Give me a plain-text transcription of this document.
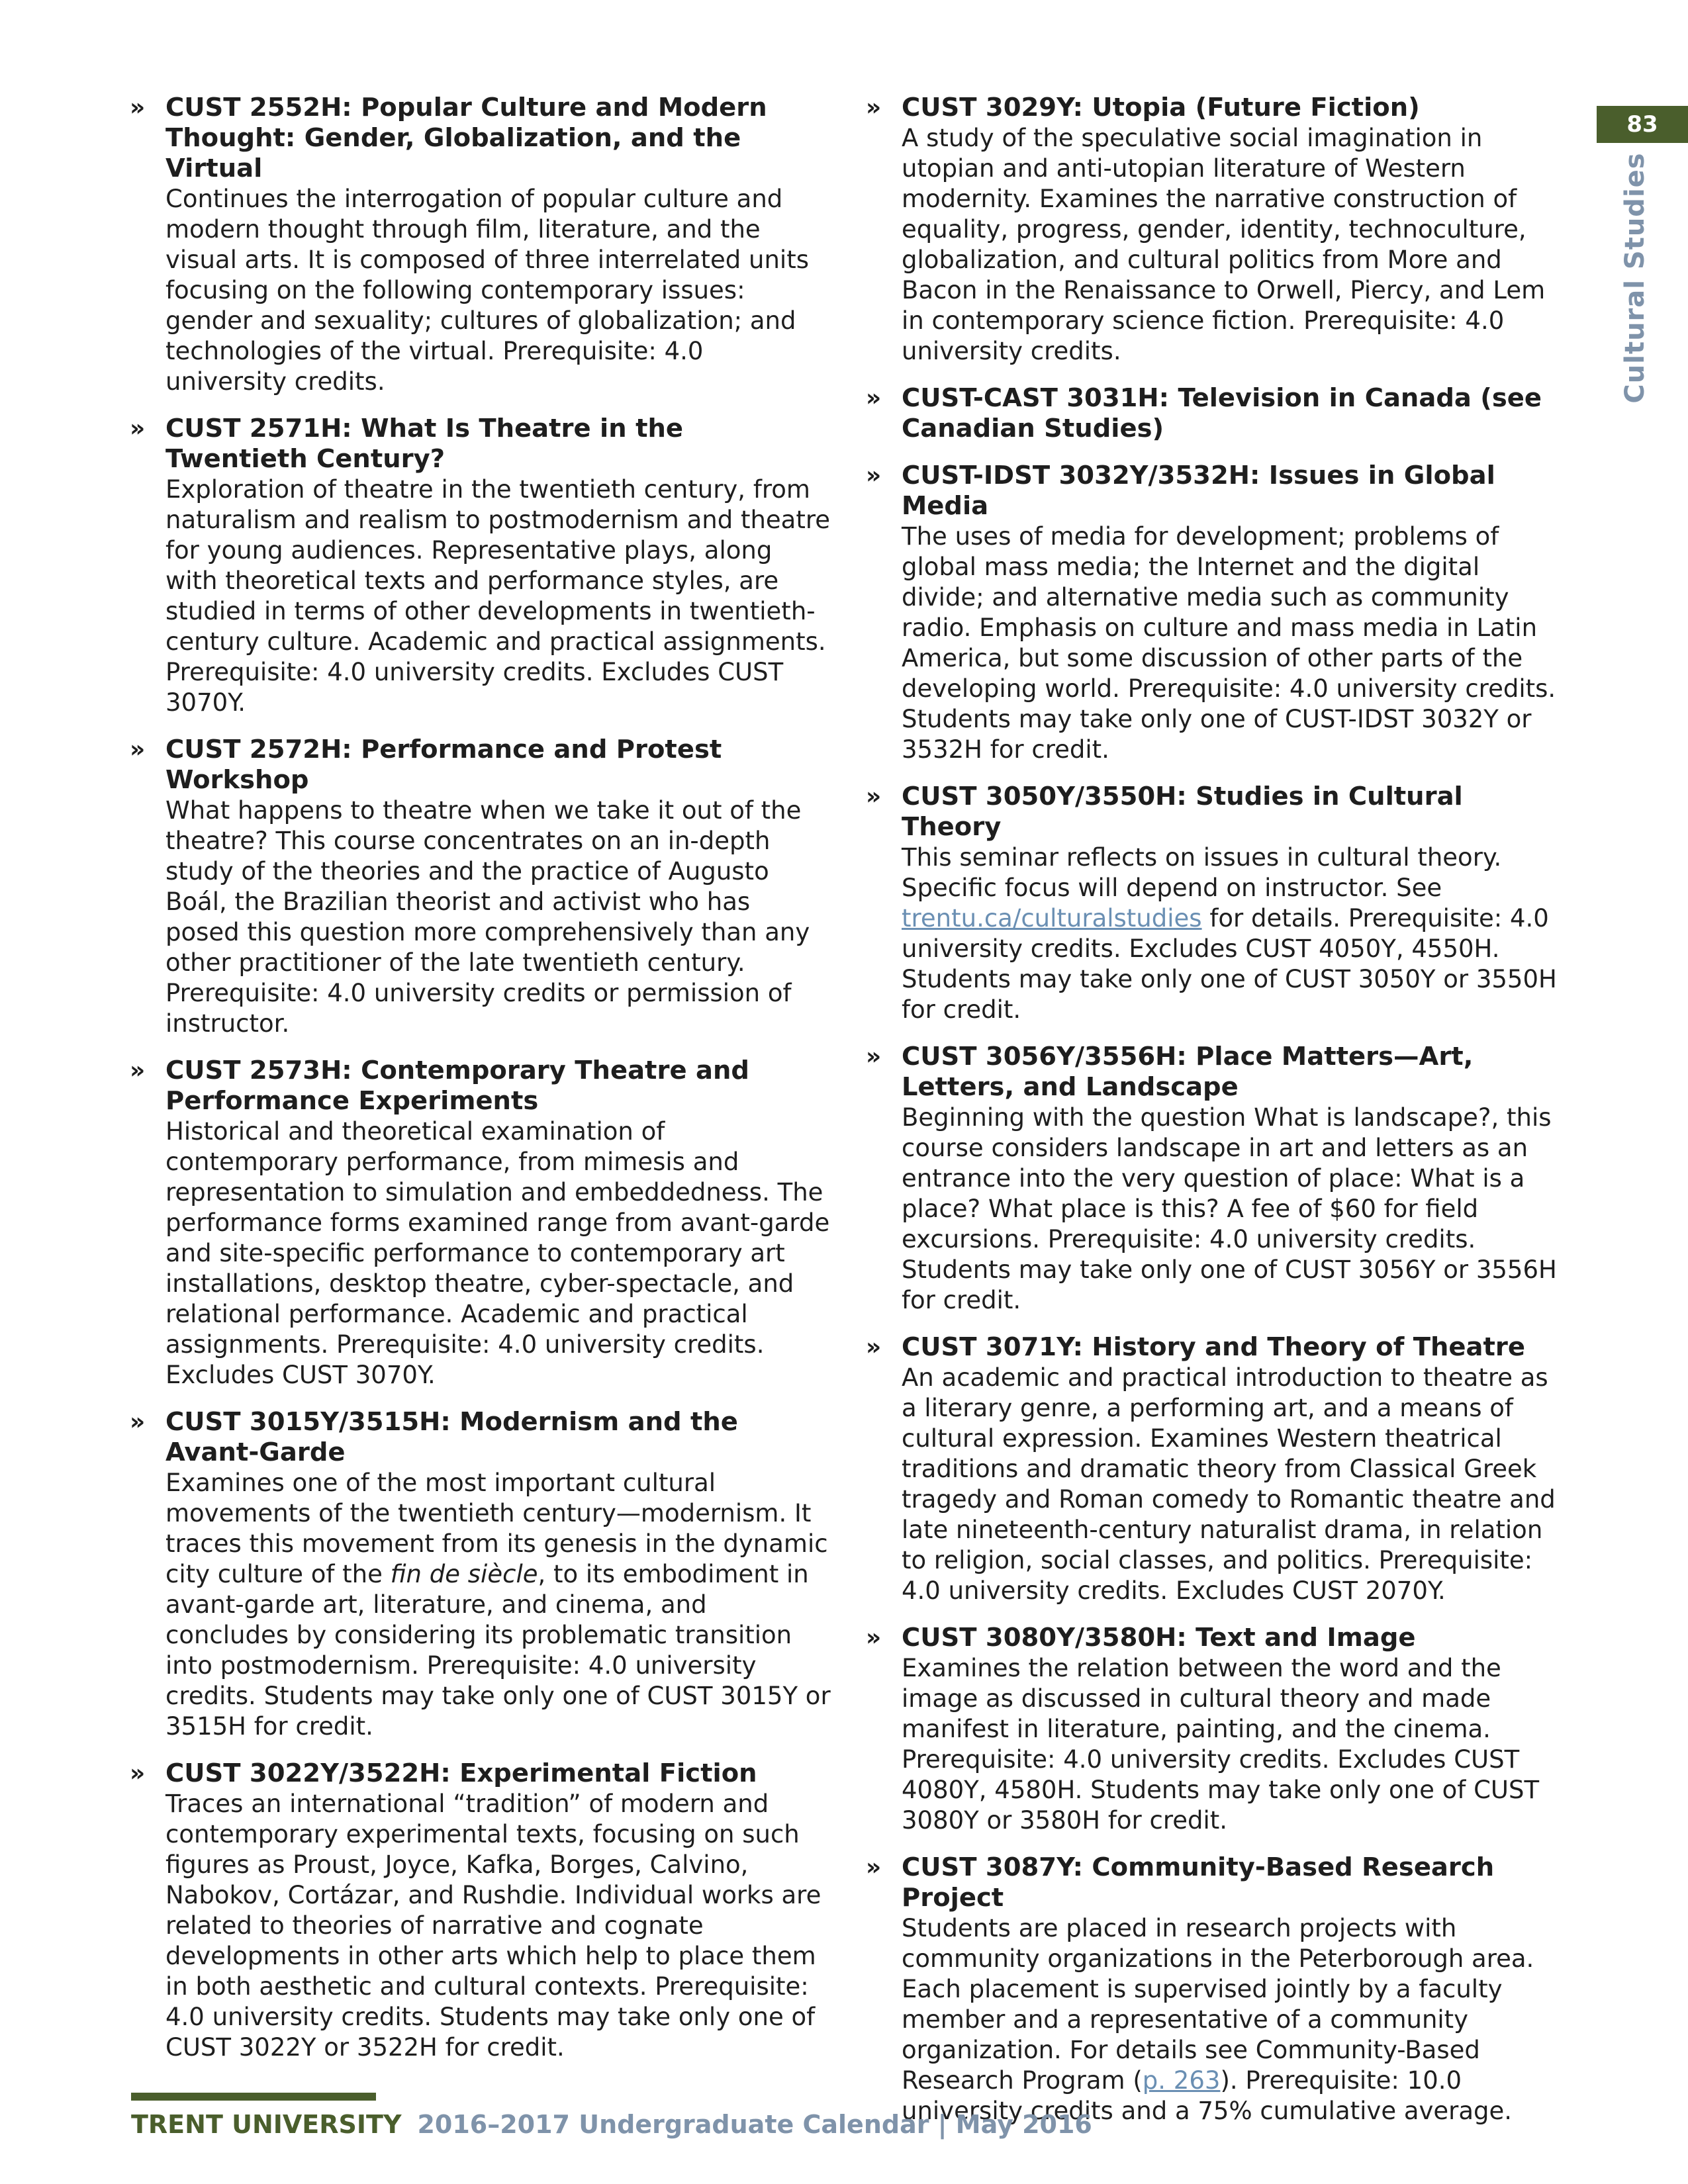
» CUST 2552H: Popular Culture and Modern Thought: Gender, Globalization, and the Virtual

Continues the interrogation of popular culture and modern thought through film, literature, and the visual arts. It is composed of three interrelated units focusing on the following contemporary issues: gender and sexuality; cultures of globalization; and technologies of the virtual. Prerequisite: 4.0 university credits.

» CUST 2571H: What Is Theatre in the Twentieth Century?

Exploration of theatre in the twentieth century, from naturalism and realism to postmodernism and theatre for young audiences. Representative plays, along with theoretical texts and performance styles, are studied in terms of other developments in twentieth-century culture. Academic and practical assignments. Prerequisite: 4.0 university credits. Excludes CUST 3070Y.

» CUST 2572H: Performance and Protest Workshop

What happens to theatre when we take it out of the theatre? This course concentrates on an in-depth study of the theories and the practice of Augusto Boál, the Brazilian theorist and activist who has posed this question more comprehensively than any other practitioner of the late twentieth century. Prerequisite: 4.0 university credits or permission of instructor.

» CUST 2573H: Contemporary Theatre and Performance Experiments

Historical and theoretical examination of contemporary performance, from mimesis and representation to simulation and embeddedness. The performance forms examined range from avant-garde and site-specific performance to contemporary art installations, desktop theatre, cyber-spectacle, and relational performance. Academic and practical assignments. Prerequisite: 4.0 university credits. Excludes CUST 3070Y.

» CUST 3015Y/3515H: Modernism and the Avant-Garde

Examines one of the most important cultural movements of the twentieth century—modernism. It traces this movement from its genesis in the dynamic city culture of the fin de siècle, to its embodiment in avant-garde art, literature, and cinema, and concludes by considering its problematic transition into postmodernism. Prerequisite: 4.0 university credits. Students may take only one of CUST 3015Y or 3515H for credit.

» CUST 3022Y/3522H: Experimental Fiction

Traces an international “tradition” of modern and contemporary experimental texts, focusing on such figures as Proust, Joyce, Kafka, Borges, Calvino, Nabokov, Cortázar, and Rushdie. Individual works are related to theories of narrative and cognate developments in other arts which help to place them in both aesthetic and cultural contexts. Prerequisite: 4.0 university credits. Students may take only one of CUST 3022Y or 3522H for credit.

» CUST 3029Y: Utopia (Future Fiction)

A study of the speculative social imagination in utopian and anti-utopian literature of Western modernity. Examines the narrative construction of equality, progress, gender, identity, technoculture, globalization, and cultural politics from More and Bacon in the Renaissance to Orwell, Piercy, and Lem in contemporary science fiction. Prerequisite: 4.0 university credits.

» CUST-CAST 3031H: Television in Canada (see Canadian Studies)

» CUST-IDST 3032Y/3532H: Issues in Global Media

The uses of media for development; problems of global mass media; the Internet and the digital divide; and alternative media such as community radio. Emphasis on culture and mass media in Latin America, but some discussion of other parts of the developing world. Prerequisite: 4.0 university credits. Students may take only one of CUST-IDST 3032Y or 3532H for credit.

» CUST 3050Y/3550H: Studies in Cultural Theory

This seminar reflects on issues in cultural theory. Specific focus will depend on instructor. See trentu.ca/culturalstudies for details. Prerequisite: 4.0 university credits. Excludes CUST 4050Y, 4550H. Students may take only one of CUST 3050Y or 3550H for credit.

» CUST 3056Y/3556H: Place Matters—Art, Letters, and Landscape

Beginning with the question What is landscape?, this course considers landscape in art and letters as an entrance into the very question of place: What is a place? What place is this? A fee of $60 for field excursions. Prerequisite: 4.0 university credits. Students may take only one of CUST 3056Y or 3556H for credit.

» CUST 3071Y: History and Theory of Theatre

An academic and practical introduction to theatre as a literary genre, a performing art, and a means of cultural expression. Examines Western theatrical traditions and dramatic theory from Classical Greek tragedy and Roman comedy to Romantic theatre and late nineteenth-century naturalist drama, in relation to religion, social classes, and politics. Prerequisite: 4.0 university credits. Excludes CUST 2070Y.

» CUST 3080Y/3580H: Text and Image

Examines the relation between the word and the image as discussed in cultural theory and made manifest in literature, painting, and the cinema. Prerequisite: 4.0 university credits. Excludes CUST 4080Y, 4580H. Students may take only one of CUST 3080Y or 3580H for credit.

» CUST 3087Y: Community-Based Research Project

Students are placed in research projects with community organizations in the Peterborough area. Each placement is supervised jointly by a faculty member and a representative of a community organization. For details see Community-Based Research Program (p. 263). Prerequisite: 10.0 university credits and a 75% cumulative average.

83
Cultural Studies
TRENT UNIVERSITY 2016–2017 Undergraduate Calendar | May 2016
